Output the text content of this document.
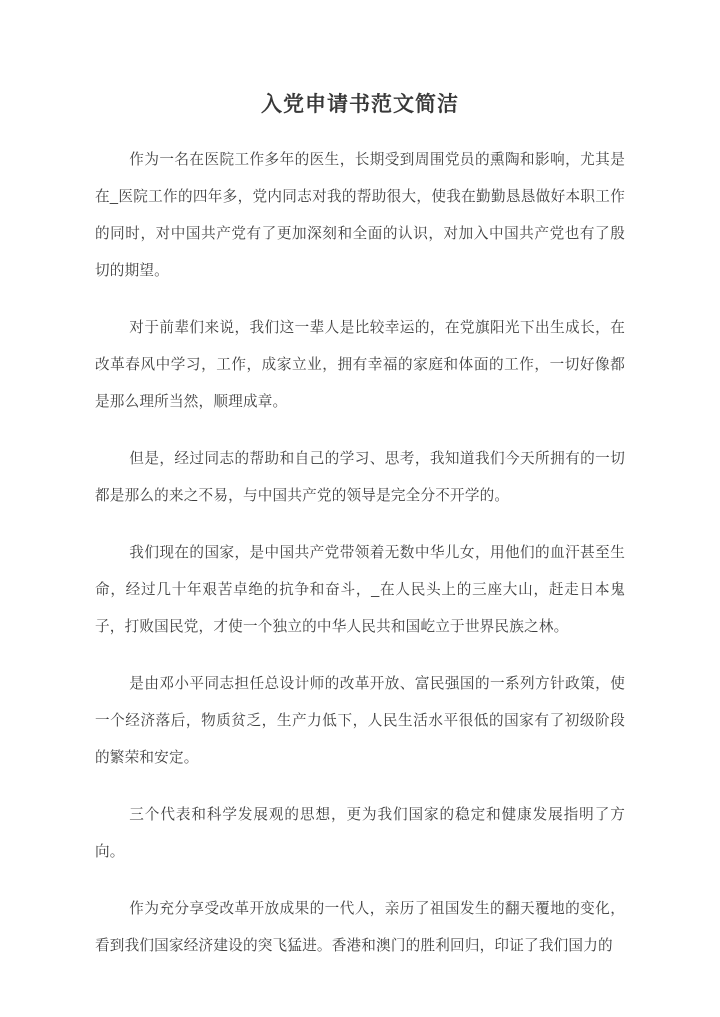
入党申请书范文简洁

作为一名在医院工作多年的医生，长期受到周围党员的熏陶和影响，尤其是在_医院工作的四年多，党内同志对我的帮助很大，使我在勤勤恳恳做好本职工作的同时，对中国共产党有了更加深刻和全面的认识，对加入中国共产党也有了殷切的期望。

对于前辈们来说，我们这一辈人是比较幸运的，在党旗阳光下出生成长，在改革春风中学习，工作，成家立业，拥有幸福的家庭和体面的工作，一切好像都是那么理所当然，顺理成章。

但是，经过同志的帮助和自己的学习、思考，我知道我们今天所拥有的一切都是那么的来之不易，与中国共产党的领导是完全分不开学的。

我们现在的国家，是中国共产党带领着无数中华儿女，用他们的血汗甚至生命，经过几十年艰苦卓绝的抗争和奋斗，_在人民头上的三座大山，赶走日本鬼子，打败国民党，才使一个独立的中华人民共和国屹立于世界民族之林。

是由邓小平同志担任总设计师的改革开放、富民强国的一系列方针政策，使一个经济落后，物质贫乏，生产力低下，人民生活水平很低的国家有了初级阶段的繁荣和安定。

三个代表和科学发展观的思想，更为我们国家的稳定和健康发展指明了方向。

作为充分享受改革开放成果的一代人，亲历了祖国发生的翻天覆地的变化，看到我们国家经济建设的突飞猛进。香港和澳门的胜利回归，印证了我们国力的
